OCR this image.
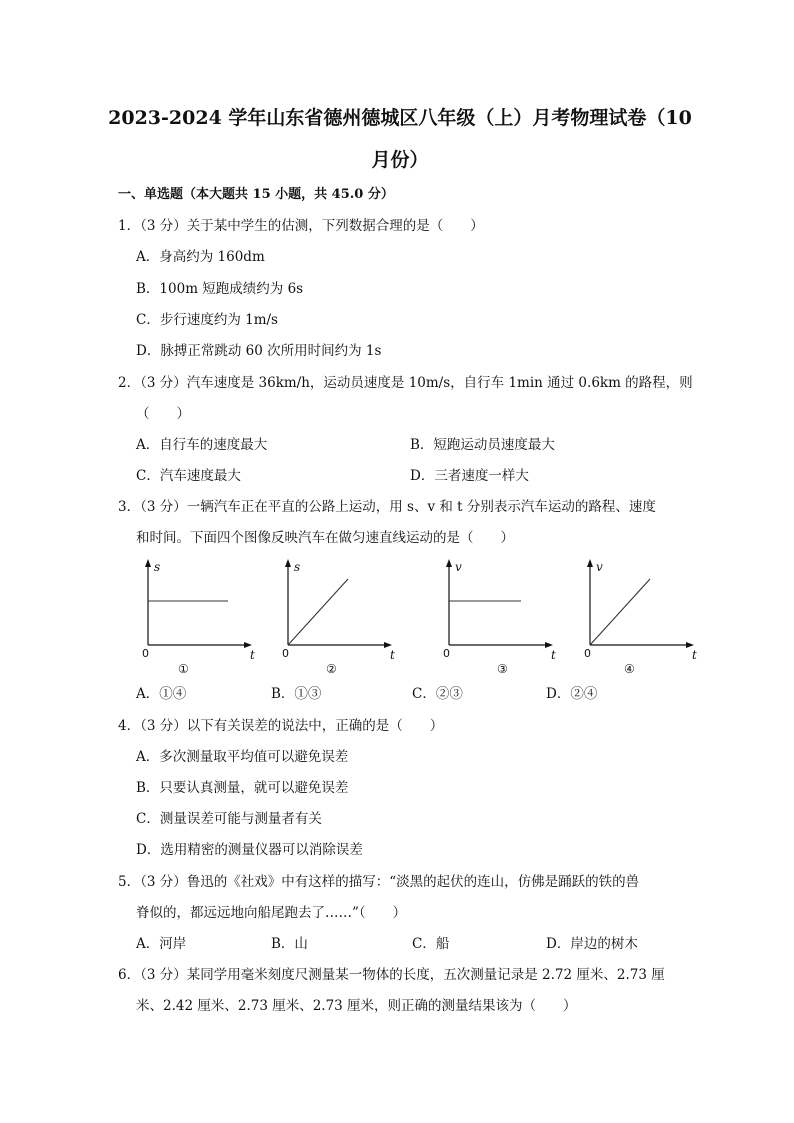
2023-2024 学年山东省德州德城区八年级（上）月考物理试卷（10
月份）
一、单选题（本大题共 15 小题，共 45.0 分）
1．（3 分）关于某中学生的估测，下列数据合理的是（　　）
A．身高约为 160dm
B．100m 短跑成绩约为 6s
C．步行速度约为 1m/s
D．脉搏正常跳动 60 次所用时间约为 1s
2．（3 分）汽车速度是 36km/h，运动员速度是 10m/s，自行车 1min 通过 0.6km 的路程，则
（　　）
A．自行车的速度最大	B．短跑运动员速度最大
C．汽车速度最大	D．三者速度一样大
3．（3 分）一辆汽车正在平直的公路上运动，用 s、v 和 t 分别表示汽车运动的路程、速度
和时间。下面四个图像反映汽车在做匀速直线运动的是（　　）
s
t
0
①
s
t
0
②
v
t
0
③
v
t
0
④
A．①④	B．①③	C．②③	D．②④
4．（3 分）以下有关误差的说法中，正确的是（　　）
A．多次测量取平均值可以避免误差
B．只要认真测量，就可以避免误差
C．测量误差可能与测量者有关
D．选用精密的测量仪器可以消除误差
5．（3 分）鲁迅的《社戏》中有这样的描写：“淡黑的起伏的连山，仿佛是踊跃的铁的兽
脊似的，都远远地向船尾跑去了……”（　　）
A．河岸	B．山	C．船	D．岸边的树木
6．（3 分）某同学用毫米刻度尺测量某一物体的长度，五次测量记录是 2.72 厘米、2.73 厘
米、2.42 厘米、2.73 厘米、2.73 厘米，则正确的测量结果该为（　　）
